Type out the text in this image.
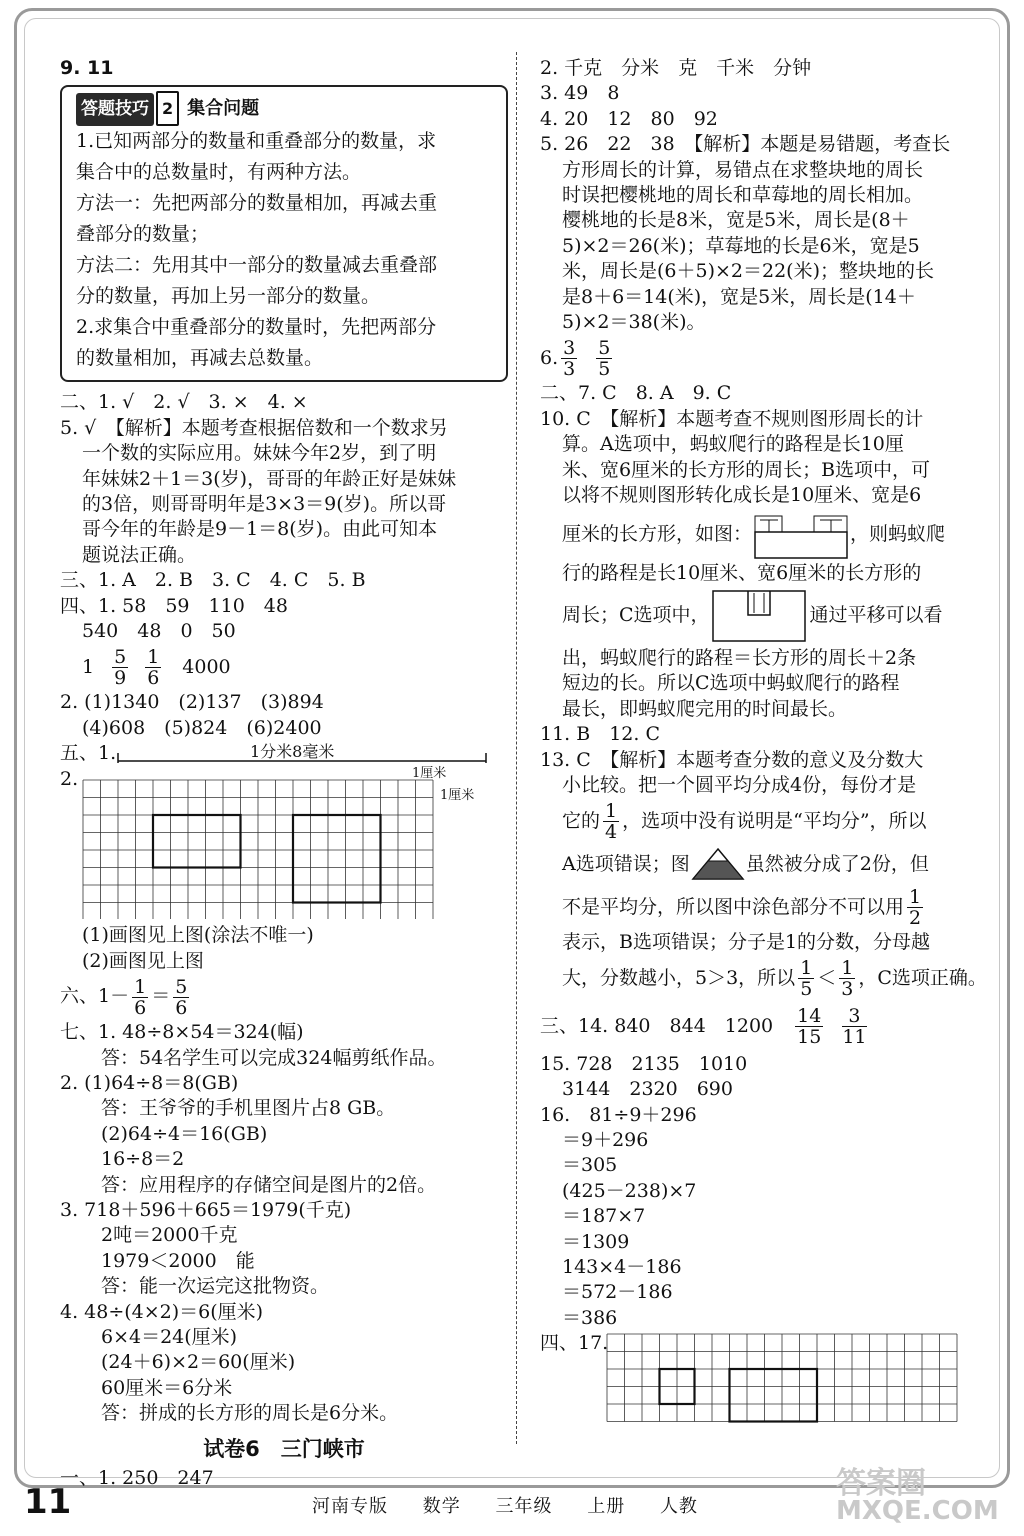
9. 11
答题技巧 2 集合问题
1.已知两部分的数量和重叠部分的数量，求
集合中的总数量时，有两种方法。
方法一：先把两部分的数量相加，再减去重
叠部分的数量；
方法二：先用其中一部分的数量减去重叠部
分的数量，再加上另一部分的数量。
2.求集合中重叠部分的数量时，先把两部分
的数量相加，再减去总数量。
二、1. √　2. √　3. ×　4. ×
5. √　【解析】本题考查根据倍数和一个数求另
一个数的实际应用。妹妹今年2岁，到了明
年妹妹2＋1＝3(岁)，哥哥的年龄正好是妹妹
的3倍，则哥哥明年是3×3＝9(岁)。所以哥
哥今年的年龄是9－1＝8(岁)。由此可知本
题说法正确。
三、1. A　2. B　3. C　4. C　5. B
四、1. 58　59　110　48
540　48　0　50
$1 \frac{5}{9} \frac{1}{6} 4000$
2. (1)1340　(2)137　(3)894
(4)608　(5)824　(6)2400
五、1.	1分米8毫米
2.	1厘米
1厘米
(1)画图见上图(涂法不唯一)
(2)画图见上图
六、$1- \frac{1}{6} = \frac{5}{6}$
七、1. 48÷8×54＝324(幅)
　答：54名学生可以完成324幅剪纸作品。
2. (1)64÷8＝8(GB)
　答：王爷爷的手机里图片占8 GB。
　(2)64÷4＝16(GB)
　16÷8＝2
　答：应用程序的存储空间是图片的2倍。
3. 718＋596＋665＝1979(千克)
　2吨＝2000千克
　1979＜2000　能
　答：能一次运完这批物资。
4. 48÷(4×2)＝6(厘米)
　6×4＝24(厘米)
　(24＋6)×2＝60(厘米)
　60厘米＝6分米
　答：拼成的长方形的周长是6分米。
试卷6　三门峡市
一、1. 250　247
2. 千克　分米　克　千米　分钟
3. 49　8
4. 20　12　80　92
5. 26　22　38　【解析】本题是易错题，考查长
方形周长的计算，易错点在求整块地的周长
时误把樱桃地的周长和草莓地的周长相加。
樱桃地的长是8米，宽是5米，周长是(8＋
5)×2＝26(米)；草莓地的长是6米，宽是5
米，周长是(6＋5)×2＝22(米)；整块地的长
是8＋6＝14(米)，宽是5米，周长是(14＋
5)×2＝38(米)。
6. $\frac{3}{3} \frac{5}{5}$
二、7. C　8. A　9. C
10. C　【解析】本题考查不规则图形周长的计
算。A选项中，蚂蚁爬行的路程是长10厘
米、宽6厘米的长方形的周长；B选项中，可
以将不规则图形转化成长是10厘米、宽是6
厘米的长方形，如图：	，则蚂蚁爬
行的路程是长10厘米、宽6厘米的长方形的
周长；C选项中，	通过平移可以看
出，蚂蚁爬行的路程＝长方形的周长＋2条
短边的长。所以C选项中蚂蚁爬行的路程
最长，即蚂蚁爬完用的时间最长。
11. B　12. C
13. C　【解析】本题考查分数的意义及分数大
小比较。把一个圆平均分成4份，每份才是
它的 $\frac{1}{4}$ ，选项中没有说明是“平均分”，所以
A选项错误；图	虽然被分成了2份，但
不是平均分，所以图中涂色部分不可以用 $\frac{1}{2}$
表示，B选项错误；分子是1的分数，分母越
大，分数越小，5＞3，所以 $\frac{1}{5} < \frac{1}{3}$ ，C选项正确。
三、14. 840　844　$1200 \frac{14}{15} \frac{3}{11}$
15. 728　2135　1010
3144　2320　690
16.　81÷9＋296
＝9＋296
＝305
(425－238)×7
＝187×7
＝1309
143×4－186
＝572－186
＝386
四、17.
11	河南专版 数学 三年级 上册 人教
答案圈
MXQE.COM
